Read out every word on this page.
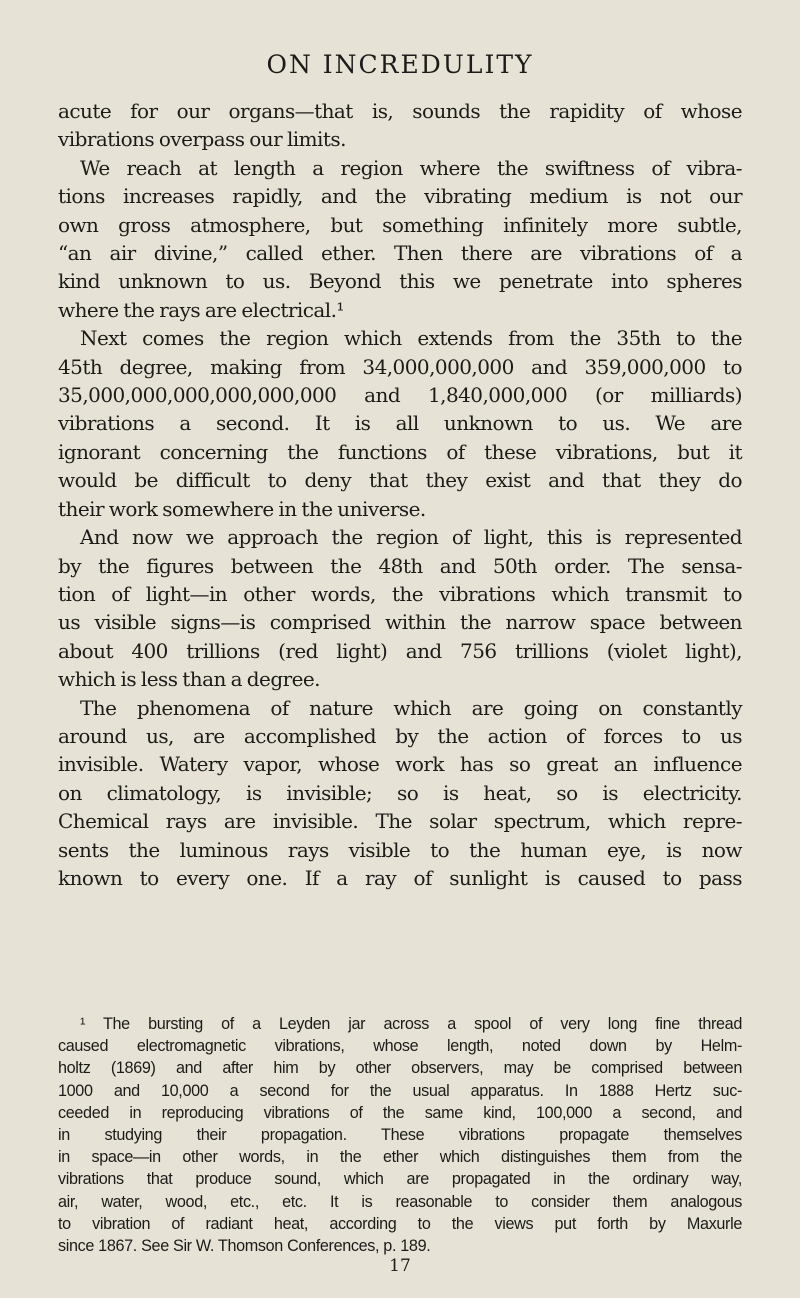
ON INCREDULITY
acute for our organs—that is, sounds the rapidity of whose
vibrations overpass our limits.
We reach at length a region where the swiftness of vibra-
tions increases rapidly, and the vibrating medium is not our
own gross atmosphere, but something infinitely more subtle,
“an air divine,” called ether. Then there are vibrations of a
kind unknown to us. Beyond this we penetrate into spheres
where the rays are electrical.¹
Next comes the region which extends from the 35th to the
45th degree, making from 34,000,000,000 and 359,000,000 to
35,000,000,000,000,000,000 and 1,840,000,000 (or milliards)
vibrations a second. It is all unknown to us. We are
ignorant concerning the functions of these vibrations, but it
would be difficult to deny that they exist and that they do
their work somewhere in the universe.
And now we approach the region of light, this is represented
by the figures between the 48th and 50th order. The sensa-
tion of light—in other words, the vibrations which transmit to
us visible signs—is comprised within the narrow space between
about 400 trillions (red light) and 756 trillions (violet light),
which is less than a degree.
The phenomena of nature which are going on constantly
around us, are accomplished by the action of forces to us
invisible. Watery vapor, whose work has so great an influence
on climatology, is invisible; so is heat, so is electricity.
Chemical rays are invisible. The solar spectrum, which repre-
sents the luminous rays visible to the human eye, is now
known to every one. If a ray of sunlight is caused to pass
¹ The bursting of a Leyden jar across a spool of very long fine thread
caused electromagnetic vibrations, whose length, noted down by Helm-
holtz (1869) and after him by other observers, may be comprised between
1000 and 10,000 a second for the usual apparatus. In 1888 Hertz suc-
ceeded in reproducing vibrations of the same kind, 100,000 a second, and
in studying their propagation. These vibrations propagate themselves
in space—in other words, in the ether which distinguishes them from the
vibrations that produce sound, which are propagated in the ordinary way,
air, water, wood, etc., etc. It is reasonable to consider them analogous
to vibration of radiant heat, according to the views put forth by Maxurle
since 1867. See Sir W. Thomson Conferences, p. 189.
17
